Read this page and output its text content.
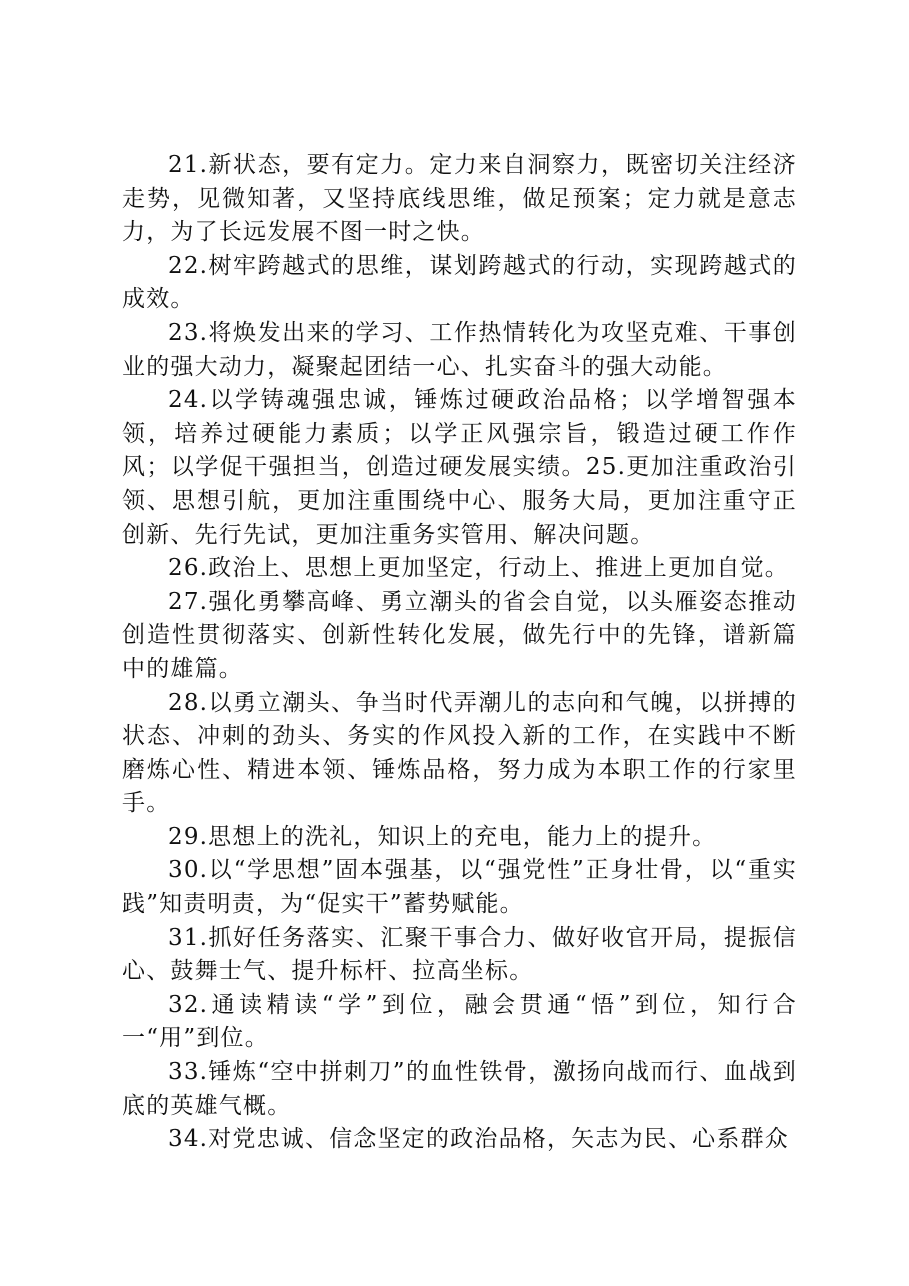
21.新状态，要有定力。定力来自洞察力，既密切关注经济走势，见微知著，又坚持底线思维，做足预案；定力就是意志力，为了长远发展不图一时之快。

22.树牢跨越式的思维，谋划跨越式的行动，实现跨越式的成效。

23.将焕发出来的学习、工作热情转化为攻坚克难、干事创业的强大动力，凝聚起团结一心、扎实奋斗的强大动能。

24.以学铸魂强忠诚，锤炼过硬政治品格；以学增智强本领，培养过硬能力素质；以学正风强宗旨，锻造过硬工作作风；以学促干强担当，创造过硬发展实绩。25.更加注重政治引领、思想引航，更加注重围绕中心、服务大局，更加注重守正创新、先行先试，更加注重务实管用、解决问题。

26.政治上、思想上更加坚定，行动上、推进上更加自觉。

27.强化勇攀高峰、勇立潮头的省会自觉，以头雁姿态推动创造性贯彻落实、创新性转化发展，做先行中的先锋，谱新篇中的雄篇。

28.以勇立潮头、争当时代弄潮儿的志向和气魄，以拼搏的状态、冲刺的劲头、务实的作风投入新的工作，在实践中不断磨炼心性、精进本领、锤炼品格，努力成为本职工作的行家里手。

29.思想上的洗礼，知识上的充电，能力上的提升。

30.以“学思想”固本强基，以“强党性”正身壮骨，以“重实践”知责明责，为“促实干”蓄势赋能。

31.抓好任务落实、汇聚干事合力、做好收官开局，提振信心、鼓舞士气、提升标杆、拉高坐标。

32.通读精读“学”到位，融会贯通“悟”到位，知行合一“用”到位。

33.锤炼“空中拼刺刀”的血性铁骨，激扬向战而行、血战到底的英雄气概。

34.对党忠诚、信念坚定的政治品格，矢志为民、心系群众
